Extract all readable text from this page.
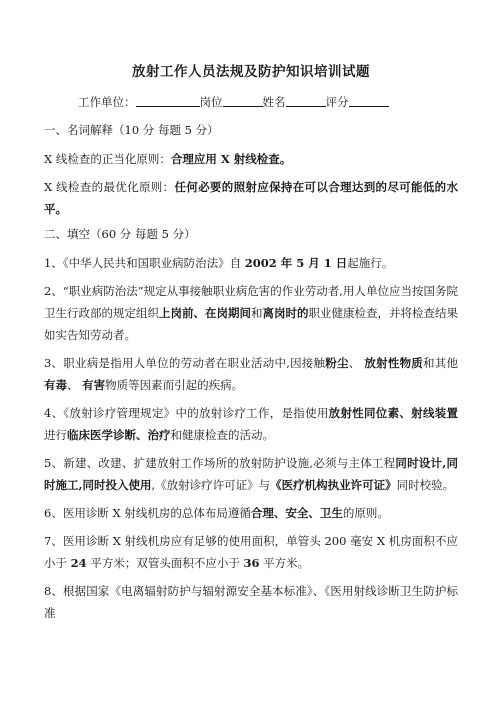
放射工作人员法规及防护知识培训试题
工作单位：	岗位	姓名	评分
一、名词解释（10 分 每题 5 分）
X 线检查的正当化原则：合理应用 X 射线检查。
X 线检查的最优化原则：任何必要的照射应保持在可以合理达到的尽可能低的水平。
二、填空（60 分 每题 5 分）
1、《中华人民共和国职业病防治法》自 2002 年 5 月 1 日起施行。
2、“职业病防治法”规定从事接触职业病危害的作业劳动者,用人单位应当按国务院卫生行政部的规定组织上岗前、在岗期间和离岗时的职业健康检查，并将检查结果如实告知劳动者。
3、职业病是指用人单位的劳动者在职业活动中,因接触粉尘、 放射性物质和其他有毒、 有害物质等因素而引起的疾病。
4、《放射诊疗管理规定》中的放射诊疗工作，是指使用放射性同位素、射线装置进行临床医学诊断、治疗和健康检查的活动。
5、新建、改建、扩建放射工作场所的放射防护设施,必须与主体工程同时设计,同时施工,同时投入使用,《放射诊疗许可证》与《医疗机构执业许可证》同时校验。
6、医用诊断 X 射线机房的总体布局遵循合理、安全、卫生的原则。
7、医用诊断 X 射线机房应有足够的使用面积，单管头 200 毫安 X 机房面积不应小于 24 平方米；双管头面积不应小于 36 平方米。
8、根据国家《电离辐射防护与辐射源安全基本标准》、《医用射线诊断卫生防护标准
